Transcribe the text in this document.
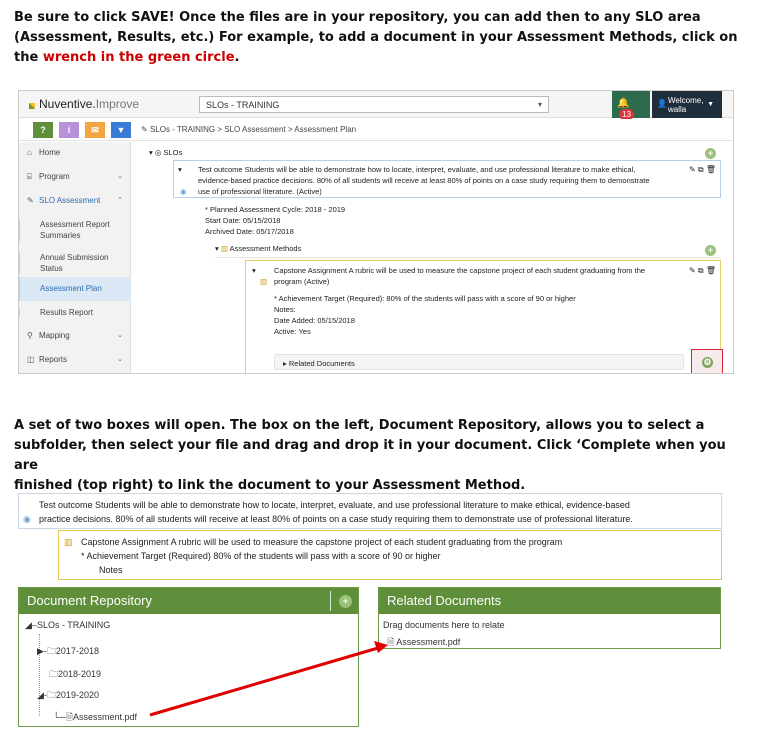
Be sure to click SAVE! Once the files are in your repository, you can add then to any SLO area
(Assessment, Results, etc.) For example, to add a document in your Assessment Methods, click on
the wrench in the green circle.
Nuventive.Improve	SLOs - TRAINING	▾	🔔13
👤 Welcome,
walla
▼
?	i	✉	▼	✎ SLOs - TRAINING > SLO Assessment > Assessment Plan
⌂ Home
⌸ Program	⌄
✎ SLO Assessment ⌃
Assessment Report
Summaries
Annual Submission
Status
Assessment Plan
Results Report
⚲ Mapping	⌄
◫ Reports	⌄
▾ ◎ SLOs	+
▾
◉
Test outcome Students will be able to demonstrate how to locate, interpret, evaluate, and use professional literature to make ethical,
evidence-based practice decisions. 80% of all students will receive at least 80% of points on a case study requiring them to demonstrate
use of professional literature. (Active)
✎ ⧉ 🗑
* Planned Assessment Cycle: 2018 - 2019
Start Date: 05/15/2018
Archived Date: 05/17/2018
▾ ▥ Assessment Methods	+
▾
▥
Capstone Assignment A rubric will be used to measure the capstone project of each student graduating from the
program (Active)
* Achievement Target (Required): 80% of the students will pass with a score of 90 or higher
Notes:
Date Added: 05/15/2018
Active: Yes
▸ Related Documents
✎ ⧉ 🗑
⚙
A set of two boxes will open. The box on the left, Document Repository, allows you to select a
subfolder, then select your file and drag and drop it in your document. Click ‘Complete when you are
finished (top right) to link the document to your Assessment Method.
◉
Test outcome Students will be able to demonstrate how to locate, interpret, evaluate, and use professional literature to make ethical, evidence-based
practice decisions. 80% of all students will receive at least 80% of points on a case study requiring them to demonstrate use of professional literature.
▥ Capstone Assignment A rubric will be used to measure the capstone project of each student graduating from the program
* Achievement Target (Required) 80% of the students will pass with a score of 90 or higher
Notes
Document Repository	+
◢–SLOs - TRAINING
▶-🗀2017-2018
🗀2018-2019
◢-🗀2019-2020
└─🗎Assessment.pdf
Related Documents
Drag documents here to relate
🗎 Assessment.pdf
